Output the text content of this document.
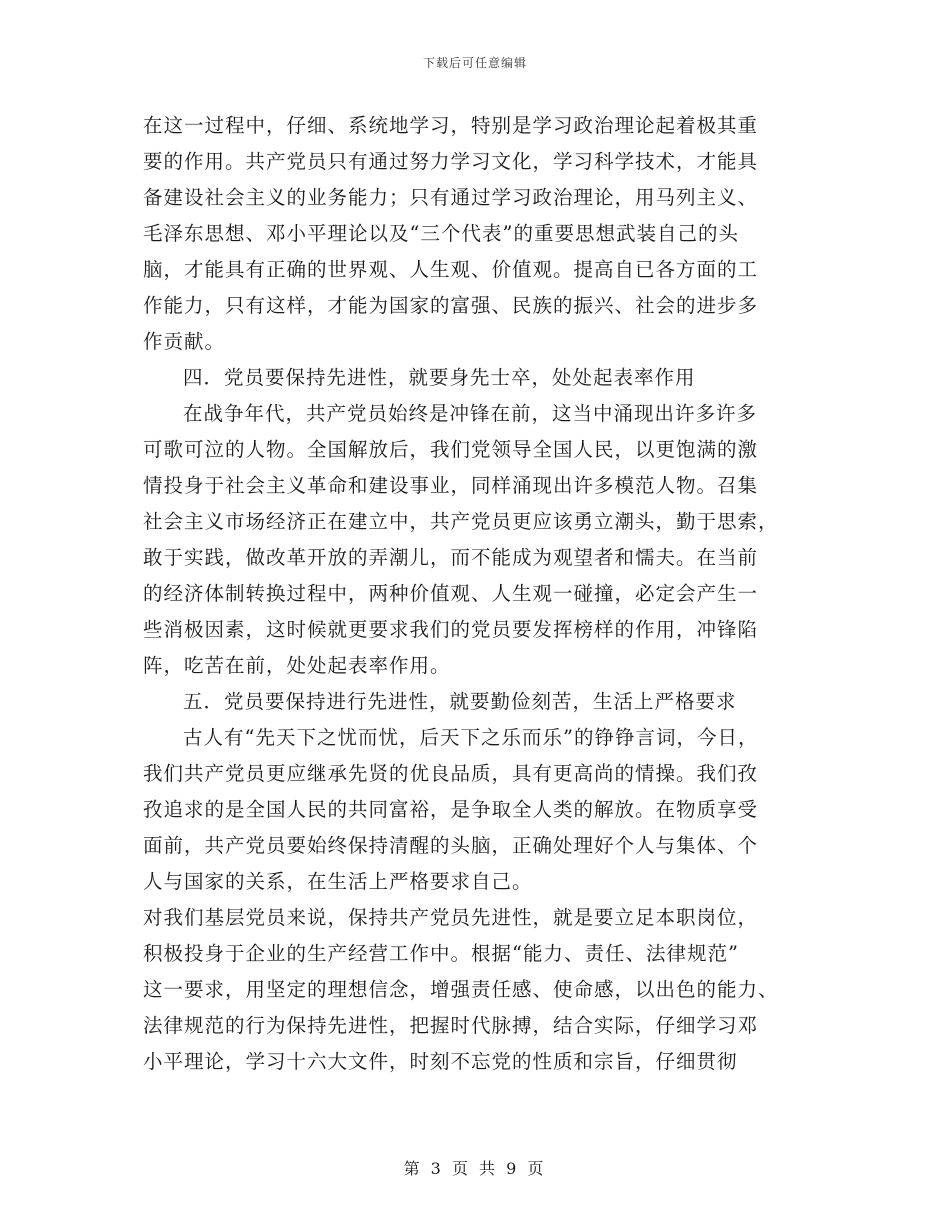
下载后可任意编辑
在这一过程中，仔细、系统地学习，特别是学习政治理论起着极其重
要的作用。共产党员只有通过努力学习文化，学习科学技术，才能具
备建设社会主义的业务能力；只有通过学习政治理论，用马列主义、
毛泽东思想、邓小平理论以及“三个代表”的重要思想武装自己的头
脑，才能具有正确的世界观、人生观、价值观。提高自已各方面的工
作能力，只有这样，才能为国家的富强、民族的振兴、社会的进步多
作贡献。
四．党员要保持先进性，就要身先士卒，处处起表率作用
在战争年代，共产党员始终是冲锋在前，这当中涌现出许多许多
可歌可泣的人物。全国解放后，我们党领导全国人民，以更饱满的激
情投身于社会主义革命和建设事业，同样涌现出许多模范人物。召集
社会主义市场经济正在建立中，共产党员更应该勇立潮头，勤于思索，
敢于实践，做改革开放的弄潮儿，而不能成为观望者和懦夫。在当前
的经济体制转换过程中，两种价值观、人生观一碰撞，必定会产生一
些消极因素，这时候就更要求我们的党员要发挥榜样的作用，冲锋陷
阵，吃苦在前，处处起表率作用。
五．党员要保持进行先进性，就要勤俭刻苦，生活上严格要求
古人有“先天下之忧而忧，后天下之乐而乐”的铮铮言词，今日，
我们共产党员更应继承先贤的优良品质，具有更高尚的情操。我们孜
孜追求的是全国人民的共同富裕，是争取全人类的解放。在物质享受
面前，共产党员要始终保持清醒的头脑，正确处理好个人与集体、个
人与国家的关系，在生活上严格要求自己。
对我们基层党员来说，保持共产党员先进性，就是要立足本职岗位，
积极投身于企业的生产经营工作中。根据“能力、责任、法律规范”
这一要求，用坚定的理想信念，增强责任感、使命感，以出色的能力、
法律规范的行为保持先进性，把握时代脉搏，结合实际，仔细学习邓
小平理论，学习十六大文件，时刻不忘党的性质和宗旨，仔细贯彻
第 3 页 共 9 页
